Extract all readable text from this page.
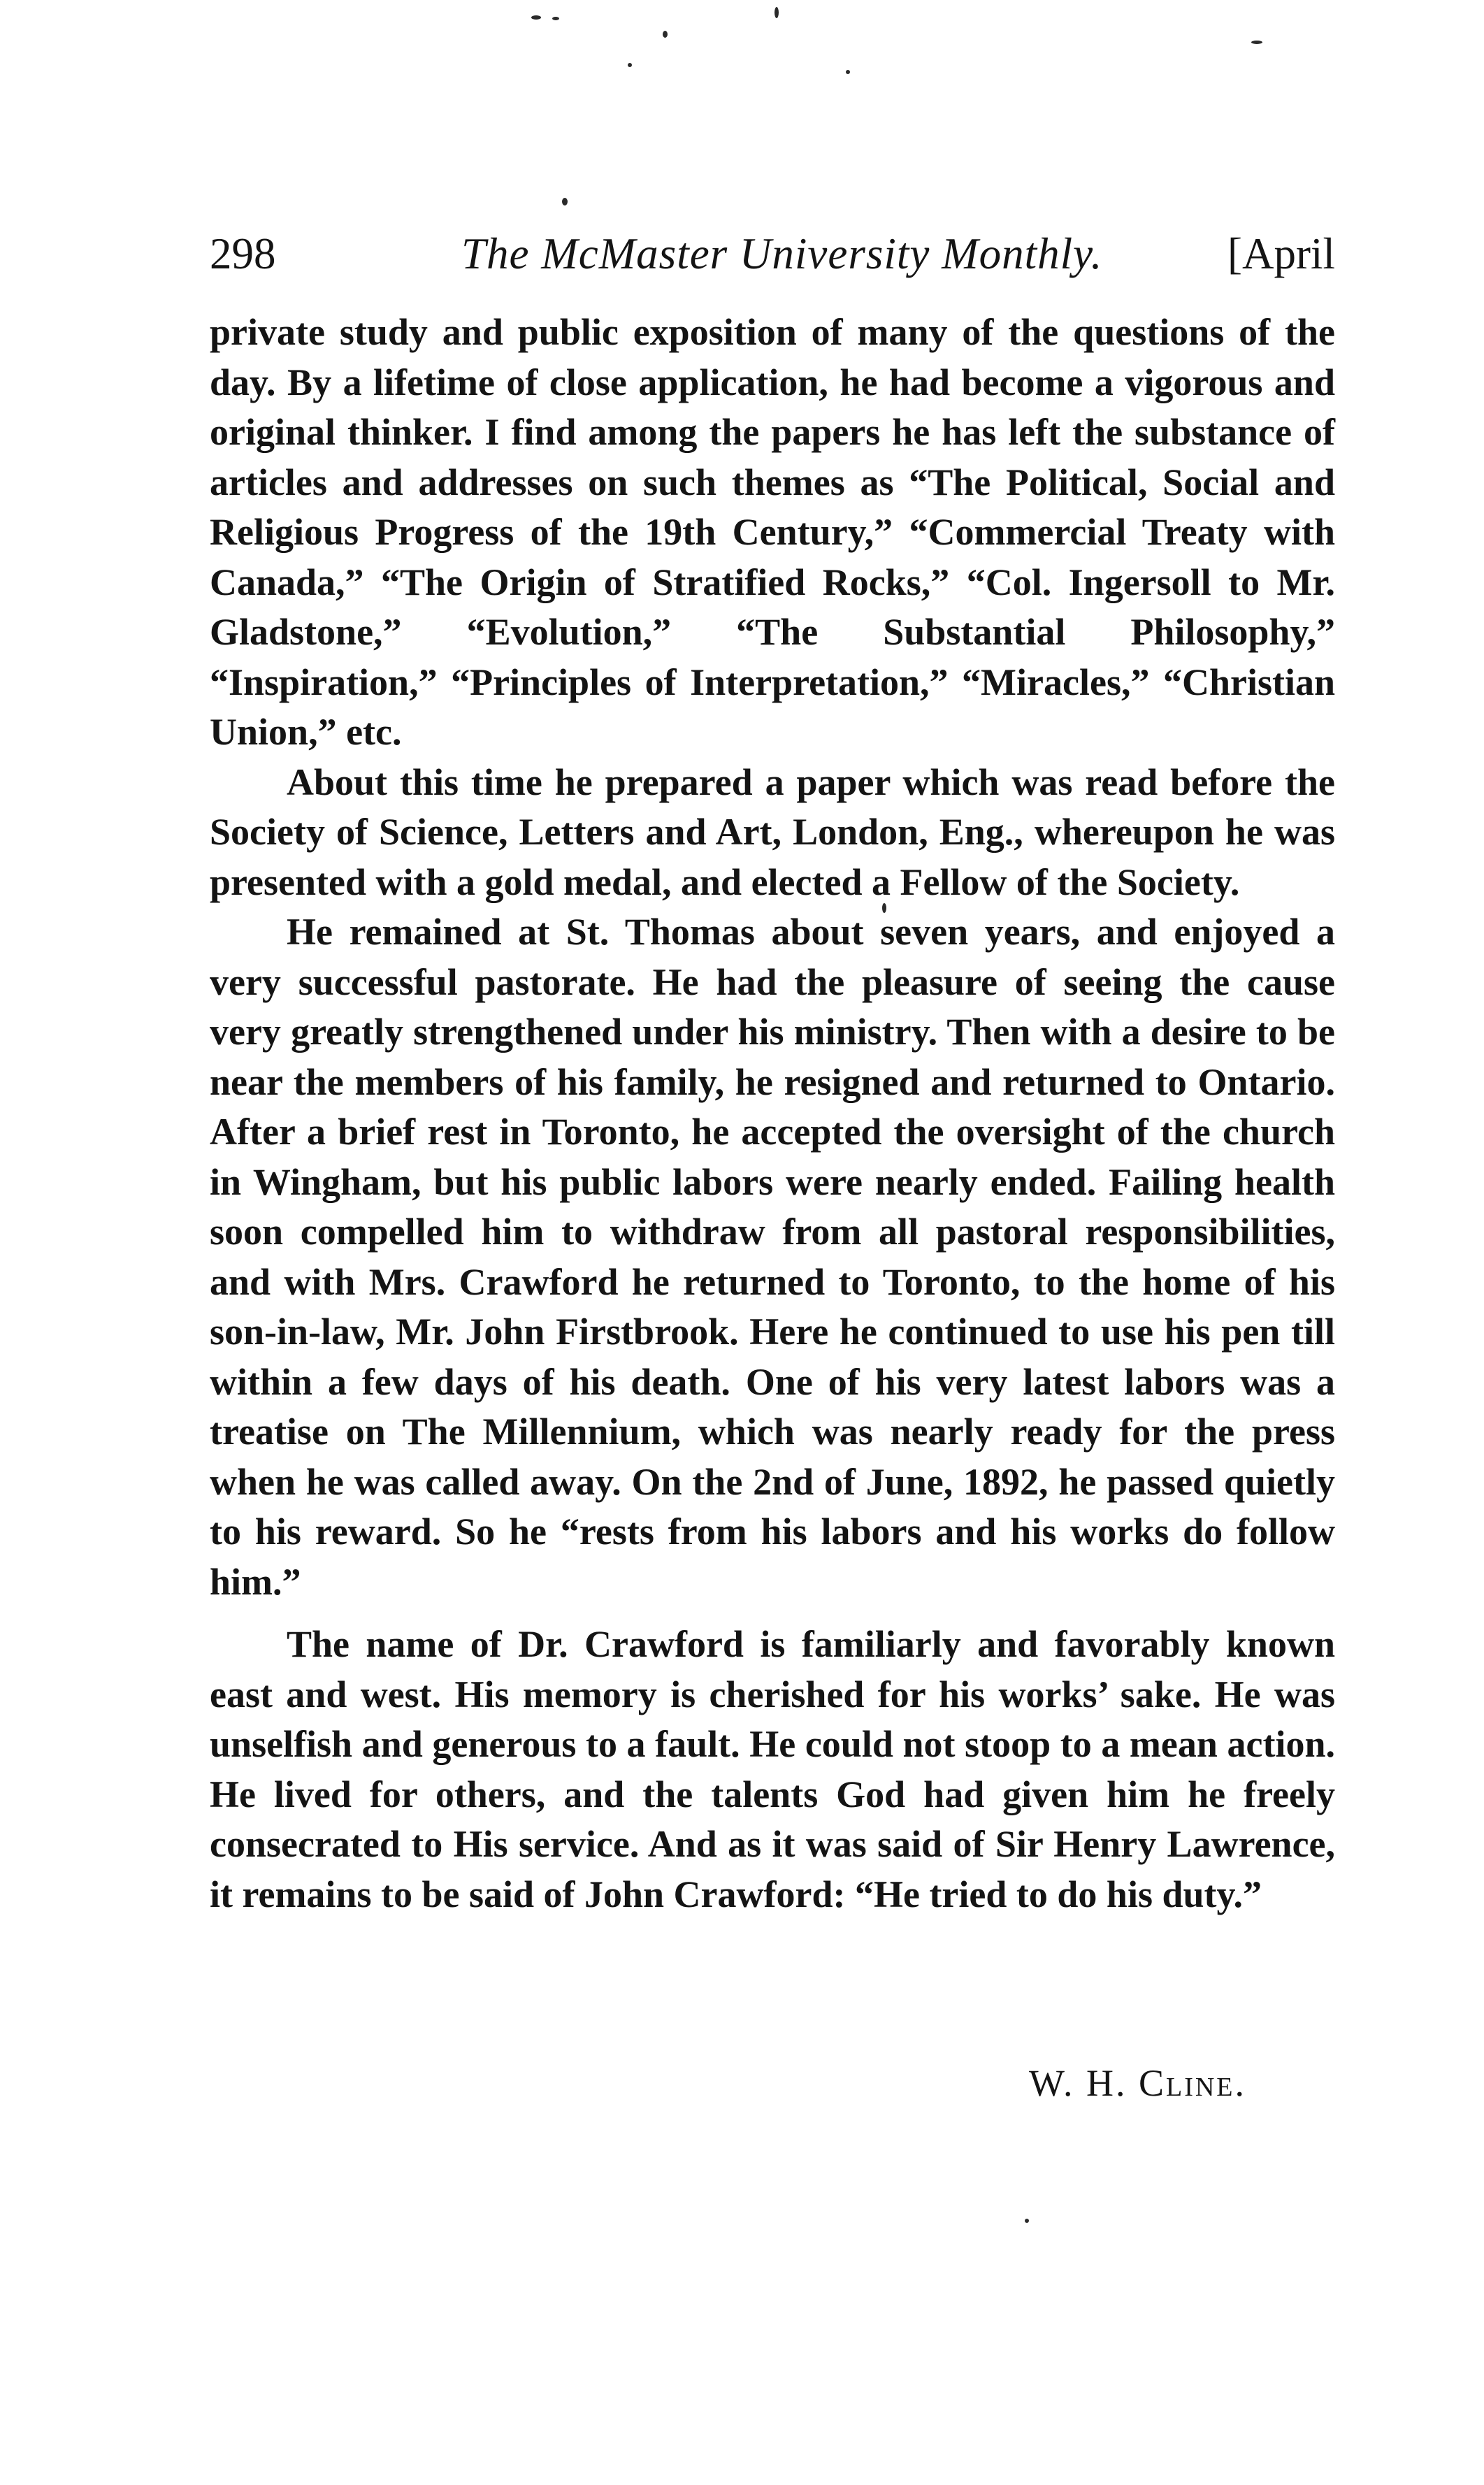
298	The McMaster University Monthly.	[April

private study and public exposition of many of the questions of the day. By a lifetime of close application, he had become a vigorous and original thinker. I find among the papers he has left the substance of articles and addresses on such themes as “The Political, Social and Religious Progress of the 19th Century,” “Commercial Treaty with Canada,” “The Origin of Stratified Rocks,” “Col. Ingersoll to Mr. Gladstone,” “Evolution,” “The Substantial Philosophy,” “Inspiration,” “Principles of Interpretation,” “Miracles,” “Christian Union,” etc.

About this time he prepared a paper which was read before the Society of Science, Letters and Art, London, Eng., whereupon he was presented with a gold medal, and elected a Fellow of the Society.

He remained at St. Thomas about seven years, and enjoyed a very successful pastorate. He had the pleasure of seeing the cause very greatly strengthened under his ministry. Then with a desire to be near the members of his family, he resigned and returned to Ontario. After a brief rest in Toronto, he accepted the oversight of the church in Wingham, but his public labors were nearly ended. Failing health soon compelled him to withdraw from all pastoral responsibilities, and with Mrs. Crawford he returned to Toronto, to the home of his son-in-law, Mr. John Firstbrook. Here he continued to use his pen till within a few days of his death. One of his very latest labors was a treatise on The Millennium, which was nearly ready for the press when he was called away. On the 2nd of June, 1892, he passed quietly to his reward. So he “rests from his labors and his works do follow him.”

The name of Dr. Crawford is familiarly and favorably known east and west. His memory is cherished for his works’ sake. He was unselfish and generous to a fault. He could not stoop to a mean action. He lived for others, and the talents God had given him he freely consecrated to His service. And as it was said of Sir Henry Lawrence, it remains to be said of John Crawford: “He tried to do his duty.”

W. H. Cline.
